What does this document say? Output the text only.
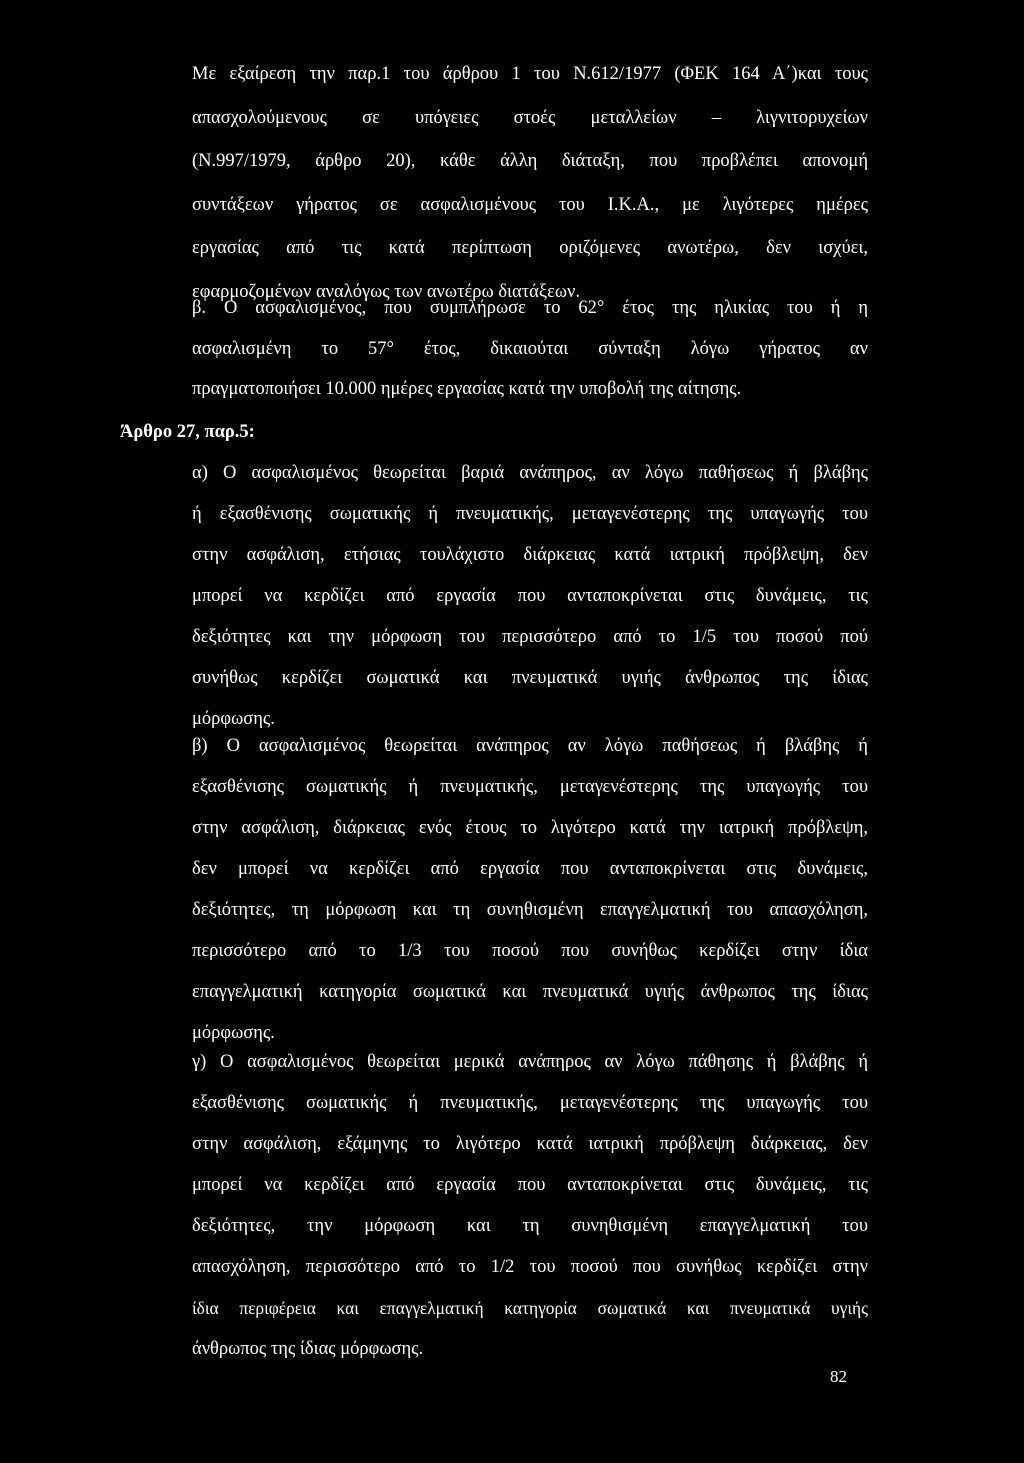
Με εξαίρεση την παρ.1 του άρθρου 1 του Ν.612/1977 (ΦΕΚ 164 Α΄)και τους
απασχολούμενους σε υπόγειες στοές μεταλλείων – λιγνιτορυχείων
(Ν.997/1979, άρθρο 20), κάθε άλλη διάταξη, που προβλέπει απονομή
συντάξεων γήρατος σε ασφαλισμένους του Ι.Κ.Α., με λιγότερες ημέρες
εργασίας από τις κατά περίπτωση οριζόμενες ανωτέρω, δεν ισχύει,
εφαρμοζομένων αναλόγως των ανωτέρω διατάξεων.
β. Ο ασφαλισμένος, που συμπλήρωσε το 62° έτος της ηλικίας του ή η
ασφαλισμένη το 57° έτος, δικαιούται σύνταξη λόγω γήρατος αν
πραγματοποιήσει 10.000 ημέρες εργασίας κατά την υποβολή της αίτησης.
Άρθρο 27, παρ.5:
α) Ο ασφαλισμένος θεωρείται βαριά ανάπηρος, αν λόγω παθήσεως ή βλάβης
ή εξασθένισης σωματικής ή πνευματικής, μεταγενέστερης της υπαγωγής του
στην ασφάλιση, ετήσιας τουλάχιστο διάρκειας κατά ιατρική πρόβλεψη, δεν
μπορεί να κερδίζει από εργασία που ανταποκρίνεται στις δυνάμεις, τις
δεξιότητες και την μόρφωση του περισσότερο από το 1/5 του ποσού πού
συνήθως κερδίζει σωματικά και πνευματικά υγιής άνθρωπος της ίδιας
μόρφωσης.
β) Ο ασφαλισμένος θεωρείται ανάπηρος αν λόγω παθήσεως ή βλάβης ή
εξασθένισης σωματικής ή πνευματικής, μεταγενέστερης της υπαγωγής του
στην ασφάλιση, διάρκειας ενός έτους το λιγότερο κατά την ιατρική πρόβλεψη,
δεν μπορεί να κερδίζει από εργασία που ανταποκρίνεται στις δυνάμεις,
δεξιότητες, τη μόρφωση και τη συνηθισμένη επαγγελματική του απασχόληση,
περισσότερο από το 1/3 του ποσού που συνήθως κερδίζει στην ίδια
επαγγελματική κατηγορία σωματικά και πνευματικά υγιής άνθρωπος της ίδιας
μόρφωσης.
γ) Ο ασφαλισμένος θεωρείται μερικά ανάπηρος αν λόγω πάθησης ή βλάβης ή
εξασθένισης σωματικής ή πνευματικής, μεταγενέστερης της υπαγωγής του
στην ασφάλιση, εξάμηνης το λιγότερο κατά ιατρική πρόβλεψη διάρκειας, δεν
μπορεί να κερδίζει από εργασία που ανταποκρίνεται στις δυνάμεις, τις
δεξιότητες, την μόρφωση και τη συνηθισμένη επαγγελματική του
απασχόληση, περισσότερο από το 1/2 του ποσού που συνήθως κερδίζει στην
ίδια περιφέρεια και επαγγελματική κατηγορία σωματικά και πνευματικά υγιής
άνθρωπος της ίδιας μόρφωσης.
82
